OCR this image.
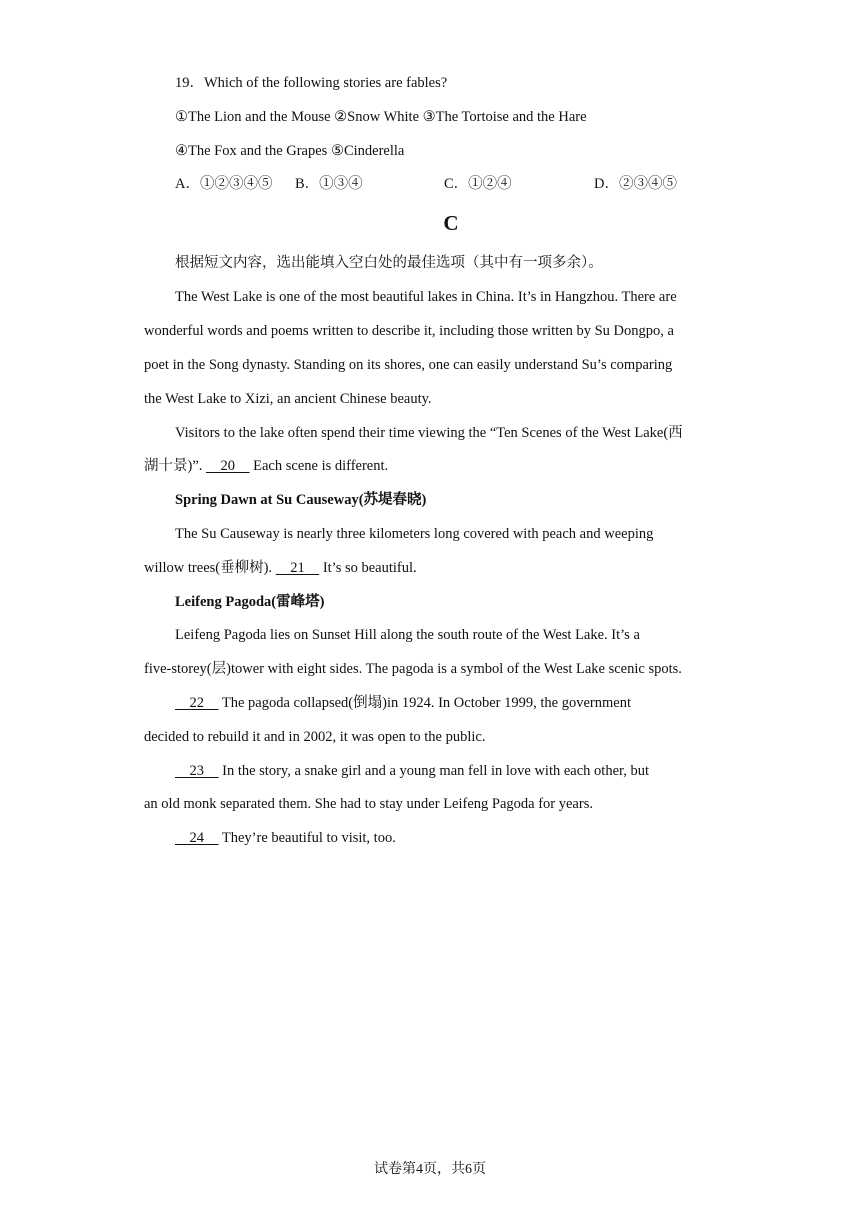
19．Which of the following stories are fables?
①The Lion and the Mouse ②Snow White ③The Tortoise and the Hare
④The Fox and the Grapes ⑤Cinderella
A．①②③④⑤ B．①③④	C．①②④	D．②③④⑤
C
根据短文内容，选出能填入空白处的最佳选项（其中有一项多余）。
The West Lake is one of the most beautiful lakes in China. It’s in Hangzhou. There are
wonderful words and poems written to describe it, including those written by Su Dongpo, a
poet in the Song dynasty. Standing on its shores, one can easily understand Su’s comparing
the West Lake to Xizi, an ancient Chinese beauty.
Visitors to the lake often spend their time viewing the “Ten Scenes of the West Lake(西
湖十景)”.     20     Each scene is different.
Spring Dawn at Su Causeway(苏堤春晓)
The Su Causeway is nearly three kilometers long covered with peach and weeping
willow trees(垂柳树).     21     It’s so beautiful.
Leifeng Pagoda(雷峰塔)
Leifeng Pagoda lies on Sunset Hill along the south route of the West Lake. It’s a
five-storey(层)tower with eight sides. The pagoda is a symbol of the West Lake scenic spots.
22     The pagoda collapsed(倒塌)in 1924. In October 1999, the government
decided to rebuild it and in 2002, it was open to the public.
23     In the story, a snake girl and a young man fell in love with each other, but
an old monk separated them. She had to stay under Leifeng Pagoda for years.
24     They’re beautiful to visit, too.
试卷第4页，共6页
